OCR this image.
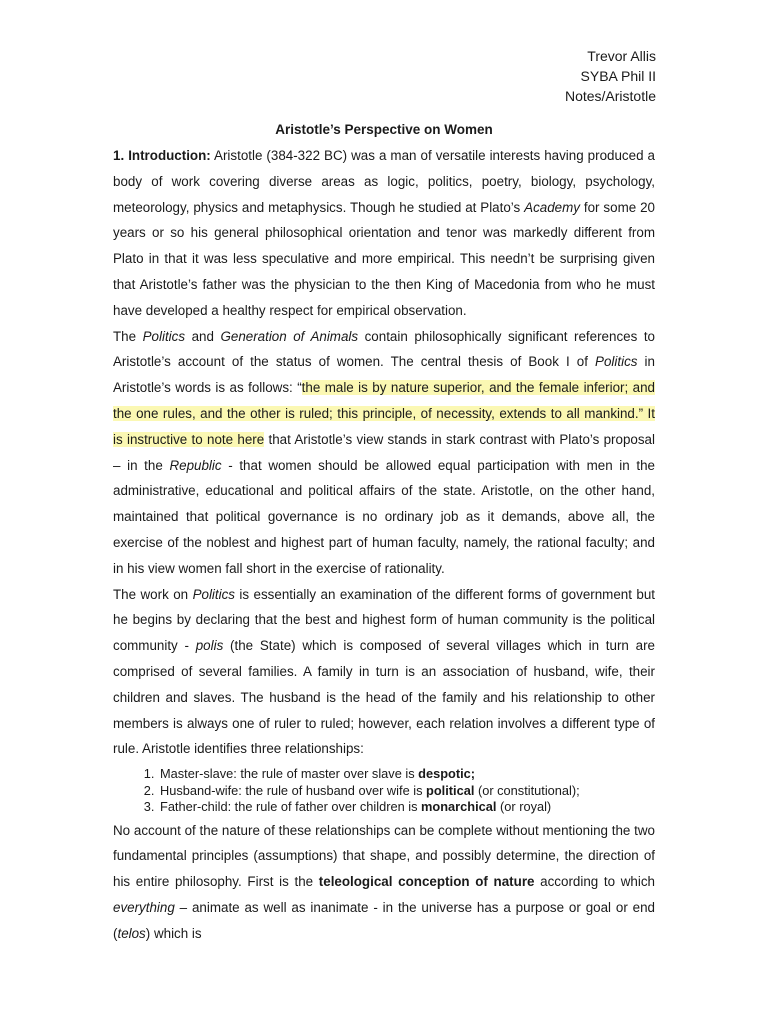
Trevor Allis
SYBA Phil II
Notes/Aristotle
Aristotle’s Perspective on Women

1. Introduction: Aristotle (384-322 BC) was a man of versatile interests having produced a body of work covering diverse areas as logic, politics, poetry, biology, psychology, meteorology, physics and metaphysics. Though he studied at Plato’s Academy for some 20 years or so his general philosophical orientation and tenor was markedly different from Plato in that it was less speculative and more empirical. This needn’t be surprising given that Aristotle’s father was the physician to the then King of Macedonia from who he must have developed a healthy respect for empirical observation.

The Politics and Generation of Animals contain philosophically significant references to Aristotle’s account of the status of women. The central thesis of Book I of Politics in Aristotle’s words is as follows: “the male is by nature superior, and the female inferior; and the one rules, and the other is ruled; this principle, of necessity, extends to all mankind.” It is instructive to note here that Aristotle’s view stands in stark contrast with Plato’s proposal – in the Republic - that women should be allowed equal participation with men in the administrative, educational and political affairs of the state. Aristotle, on the other hand, maintained that political governance is no ordinary job as it demands, above all, the exercise of the noblest and highest part of human faculty, namely, the rational faculty; and in his view women fall short in the exercise of rationality.

The work on Politics is essentially an examination of the different forms of government but he begins by declaring that the best and highest form of human community is the political community - polis (the State) which is composed of several villages which in turn are comprised of several families. A family in turn is an association of husband, wife, their children and slaves. The husband is the head of the family and his relationship to other members is always one of ruler to ruled; however, each relation involves a different type of rule. Aristotle identifies three relationships:

1. Master-slave: the rule of master over slave is despotic;
2. Husband-wife: the rule of husband over wife is political (or constitutional);
3. Father-child: the rule of father over children is monarchical (or royal)

No account of the nature of these relationships can be complete without mentioning the two fundamental principles (assumptions) that shape, and possibly determine, the direction of his entire philosophy. First is the teleological conception of nature according to which everything – animate as well as inanimate - in the universe has a purpose or goal or end (telos) which is
